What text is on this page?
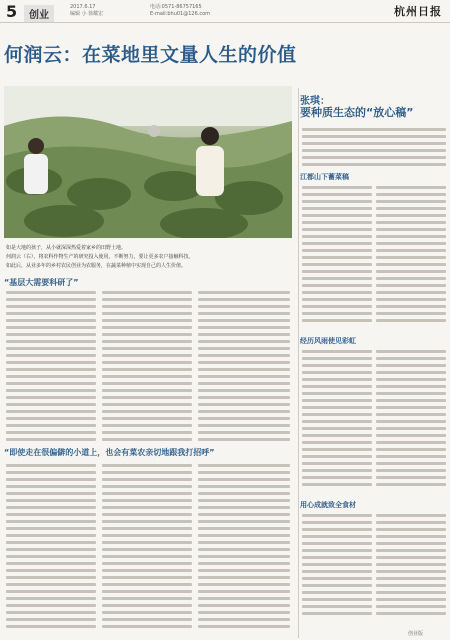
5	创业
2017.6.17
编辑 小 徐耀宏
电话:0571-86757165
E-mail:bhu01@126.com	杭州日报
何润云：在菜地里文量人生的价值

如是大地的孩子，从小就深深热爱着家乡的田野土地。

何润云（右），将农科作物生产的研究投入使用，不断努力，要让更多农户接触科技。

如此后，从业多年的乡村农民创业为农服务，在蔬菜种植中实现自己的人生价值。

“基层大需要科研了”
“即使走在很偏僻的小道上，也会有菜农亲切地跟我打招呼”
张琪：
要种质生态的“放心稿”
江都山下蓄菜稿
经历风雨使见彩虹
用心成就致全食材
创业版
